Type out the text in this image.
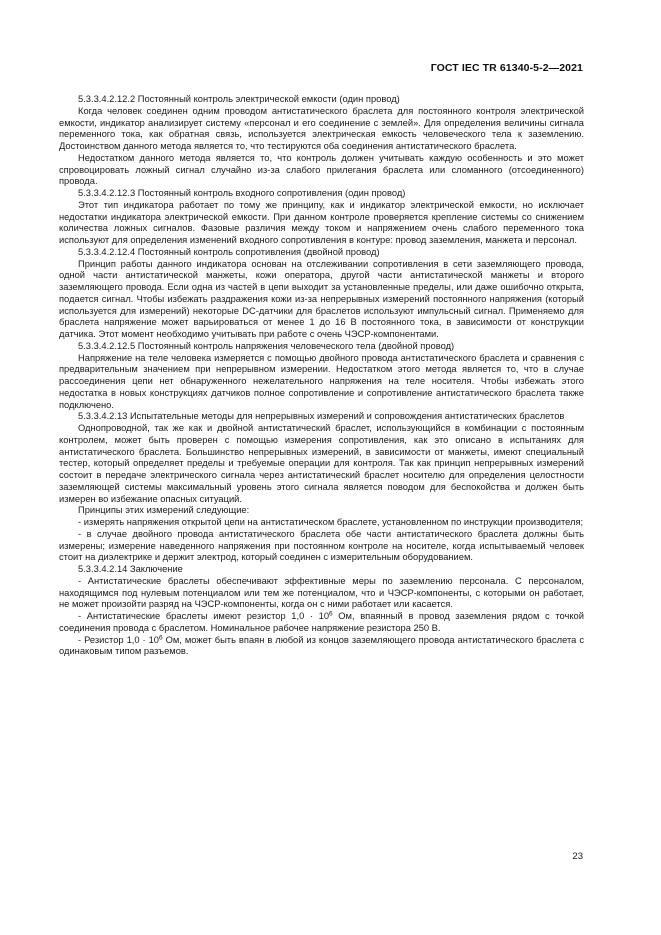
ГОСТ IEC TR 61340-5-2—2021

5.3.3.4.2.12.2 Постоянный контроль электрической емкости (один провод)

Когда человек соединен одним проводом антистатического браслета для постоянного контроля электрической емкости, индикатор анализирует систему «персонал и его соединение с землей». Для определения величины сигнала переменного тока, как обратная связь, используется электрическая емкость человеческого тела к заземлению. Достоинством данного метода является то, что тестируются оба соединения антистатического браслета.

Недостатком данного метода является то, что контроль должен учитывать каждую особенность и это может спровоцировать ложный сигнал случайно из-за слабого прилегания браслета или сломанного (отсоединенного) провода.

5.3.3.4.2.12.3 Постоянный контроль входного сопротивления (один провод)

Этот тип индикатора работает по тому же принципу, как и индикатор электрической емкости, но исключает недостатки индикатора электрической емкости. При данном контроле проверяется крепление системы со снижением количества ложных сигналов. Фазовые различия между током и напряжением очень слабого переменного тока используют для определения изменений входного сопротивления в контуре: провод заземления, манжета и персонал.

5.3.3.4.2.12.4 Постоянный контроль сопротивления (двойной провод)

Принцип работы данного индикатора основан на отслеживании сопротивления в сети заземляющего провода, одной части антистатической манжеты, кожи оператора, другой части антистатической манжеты и второго заземляющего провода. Если одна из частей в цепи выходит за установленные пределы, или даже ошибочно открыта, подается сигнал. Чтобы избежать раздражения кожи из-за непрерывных измерений постоянного напряжения (который используется для измерений) некоторые DC-датчики для браслетов используют импульсный сигнал. Применяемо для браслета напряжение может варьироваться от менее 1 до 16 В постоянного тока, в зависимости от конструкции датчика. Этот момент необходимо учитывать при работе с очень ЧЭСР-компонентами.

5.3.3.4.2.12.5 Постоянный контроль напряжения человеческого тела (двойной провод)

Напряжение на теле человека измеряется с помощью двойного провода антистатического браслета и сравнения с предварительным значением при непрерывном измерении. Недостатком этого метода является то, что в случае рассоединения цепи нет обнаруженного нежелательного напряжения на теле носителя. Чтобы избежать этого недостатка в новых конструкциях датчиков полное сопротивление и сопротивление антистатического браслета также подключено.

5.3.3.4.2.13 Испытательные методы для непрерывных измерений и сопровождения антистатических браслетов

Однопроводной, так же как и двойной антистатический браслет, использующийся в комбинации с постоянным контролем, может быть проверен с помощью измерения сопротивления, как это описано в испытаниях для антистатического браслета. Большинство непрерывных измерений, в зависимости от манжеты, имеют специальный тестер, который определяет пределы и требуемые операции для контроля. Так как принцип непрерывных измерений состоит в передаче электрического сигнала через антистатический браслет носителю для определения целостности заземляющей системы максимальный уровень этого сигнала является поводом для беспокойства и должен быть измерен во избежание опасных ситуаций.

Принципы этих измерений следующие:

- измерять напряжения открытой цепи на антистатическом браслете, установленном по инструкции производителя;

- в случае двойного провода антистатического браслета обе части антистатического браслета должны быть измерены; измерение наведенного напряжения при постоянном контроле на носителе, когда испытываемый человек стоит на диэлектрике и держит электрод, который соединен с измерительным оборудованием.

5.3.3.4.2.14 Заключение

- Антистатические браслеты обеспечивают эффективные меры по заземлению персонала. С персоналом, находящимся под нулевым потенциалом или тем же потенциалом, что и ЧЭСР-компоненты, с которыми он работает, не может произойти разряд на ЧЭСР-компоненты, когда он с ними работает или касается.

- Антистатические браслеты имеют резистор $1,0 \cdot 10^6$ Ом, впаянный в провод заземления рядом с точкой соединения провода с браслетом. Номинальное рабочее напряжение резистора 250 В.

- Резистор $1,0 \cdot 10^6$ Ом, может быть впаян в любой из концов заземляющего провода антистатического браслета с одинаковым типом разъемов.

23
